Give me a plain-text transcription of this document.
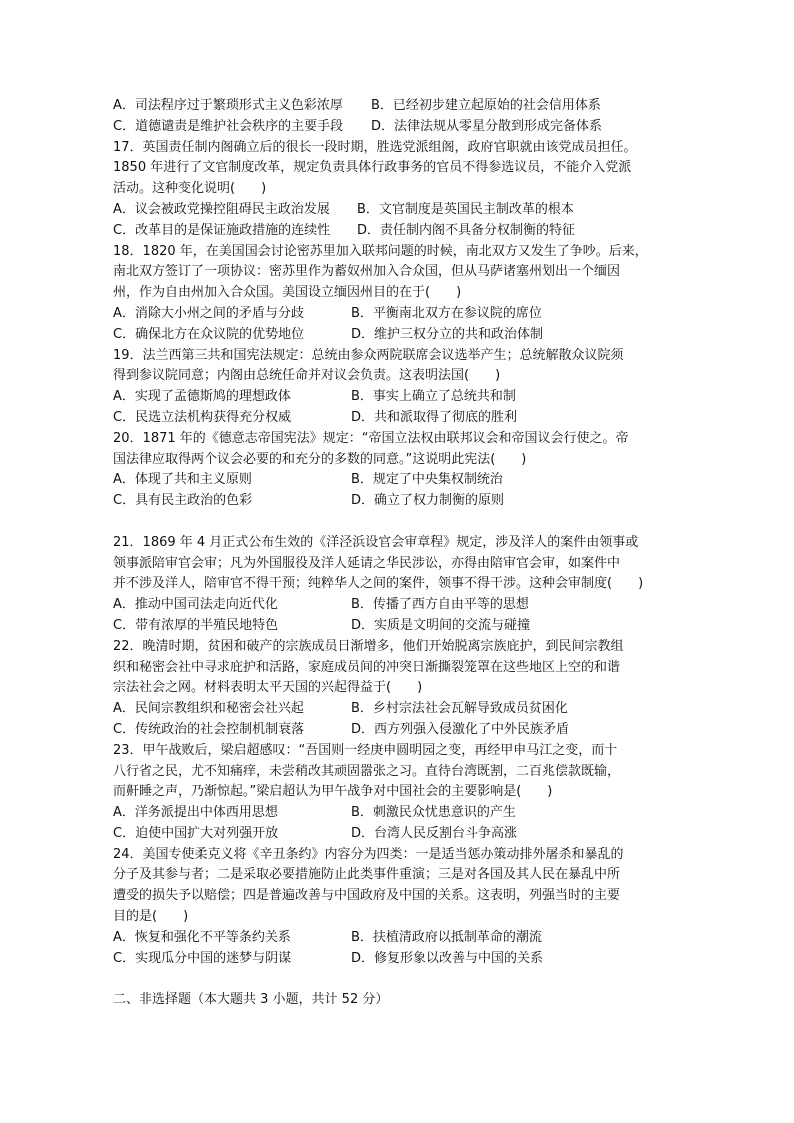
A．司法程序过于繁琐形式主义色彩浓厚	B．已经初步建立起原始的社会信用体系
C．道德谴责是维护社会秩序的主要手段	D．法律法规从零星分散到形成完备体系
17．英国责任制内阁确立后的很长一段时期，胜选党派组阁，政府官职就由该党成员担任。
1850 年进行了文官制度改革，规定负责具体行政事务的官员不得参选议员，不能介入党派
活动。这种变化说明(　　)
A．议会被政党操控阻碍民主政治发展	B．文官制度是英国民主制改革的根本
C．改革目的是保证施政措施的连续性	D．责任制内阁不具备分权制衡的特征
18．1820 年，在美国国会讨论密苏里加入联邦问题的时候，南北双方又发生了争吵。后来，
南北双方签订了一项协议：密苏里作为蓄奴州加入合众国，但从马萨诸塞州划出一个缅因
州，作为自由州加入合众国。美国设立缅因州目的在于(　　)
A．消除大小州之间的矛盾与分歧	B．平衡南北双方在参议院的席位
C．确保北方在众议院的优势地位	D．维护三权分立的共和政治体制
19．法兰西第三共和国宪法规定：总统由参众两院联席会议选举产生；总统解散众议院须
得到参议院同意；内阁由总统任命并对议会负责。这表明法国(　　)
A．实现了孟德斯鸠的理想政体	B．事实上确立了总统共和制
C．民选立法机构获得充分权威	D．共和派取得了彻底的胜利
20．1871 年的《德意志帝国宪法》规定：“帝国立法权由联邦议会和帝国议会行使之。帝
国法律应取得两个议会必要的和充分的多数的同意。”这说明此宪法(　　)
A．体现了共和主义原则	B．规定了中央集权制统治
C．具有民主政治的色彩	D．确立了权力制衡的原则
21．1869 年 4 月正式公布生效的《洋泾浜设官会审章程》规定，涉及洋人的案件由领事或
领事派陪审官会审；凡为外国服役及洋人延请之华民涉讼，亦得由陪审官会审，如案件中
并不涉及洋人，陪审官不得干预；纯粹华人之间的案件，领事不得干涉。这种会审制度(　　)
A．推动中国司法走向近代化	B．传播了西方自由平等的思想
C．带有浓厚的半殖民地特色	D．实质是文明间的交流与碰撞
22．晚清时期，贫困和破产的宗族成员日渐增多，他们开始脱离宗族庇护，到民间宗教组
织和秘密会社中寻求庇护和活路，家庭成员间的冲突日渐撕裂笼罩在这些地区上空的和谐
宗法社会之网。材料表明太平天国的兴起得益于(　　)
A．民间宗教组织和秘密会社兴起	B．乡村宗法社会瓦解导致成员贫困化
C．传统政治的社会控制机制衰落	D．西方列强入侵激化了中外民族矛盾
23．甲午战败后，梁启超感叹：“吾国则一经庚申圆明园之变，再经甲申马江之变，而十
八行省之民，尤不知痛痒，未尝稍改其顽固嚣张之习。直待台湾既割，二百兆偿款既输，
而鼾睡之声，乃渐惊起。”梁启超认为甲午战争对中国社会的主要影响是(　　)
A．洋务派提出中体西用思想	B．刺激民众忧患意识的产生
C．迫使中国扩大对列强开放	D．台湾人民反割台斗争高涨
24．美国专使柔克义将《辛丑条约》内容分为四类：一是适当惩办策动排外屠杀和暴乱的
分子及其参与者；二是采取必要措施防止此类事件重演；三是对各国及其人民在暴乱中所
遭受的损失予以赔偿；四是普遍改善与中国政府及中国的关系。这表明，列强当时的主要
目的是(　　)
A．恢复和强化不平等条约关系	B．扶植清政府以抵制革命的潮流
C．实现瓜分中国的迷梦与阴谋	D．修复形象以改善与中国的关系
二、非选择题（本大题共 3 小题，共计 52 分）
